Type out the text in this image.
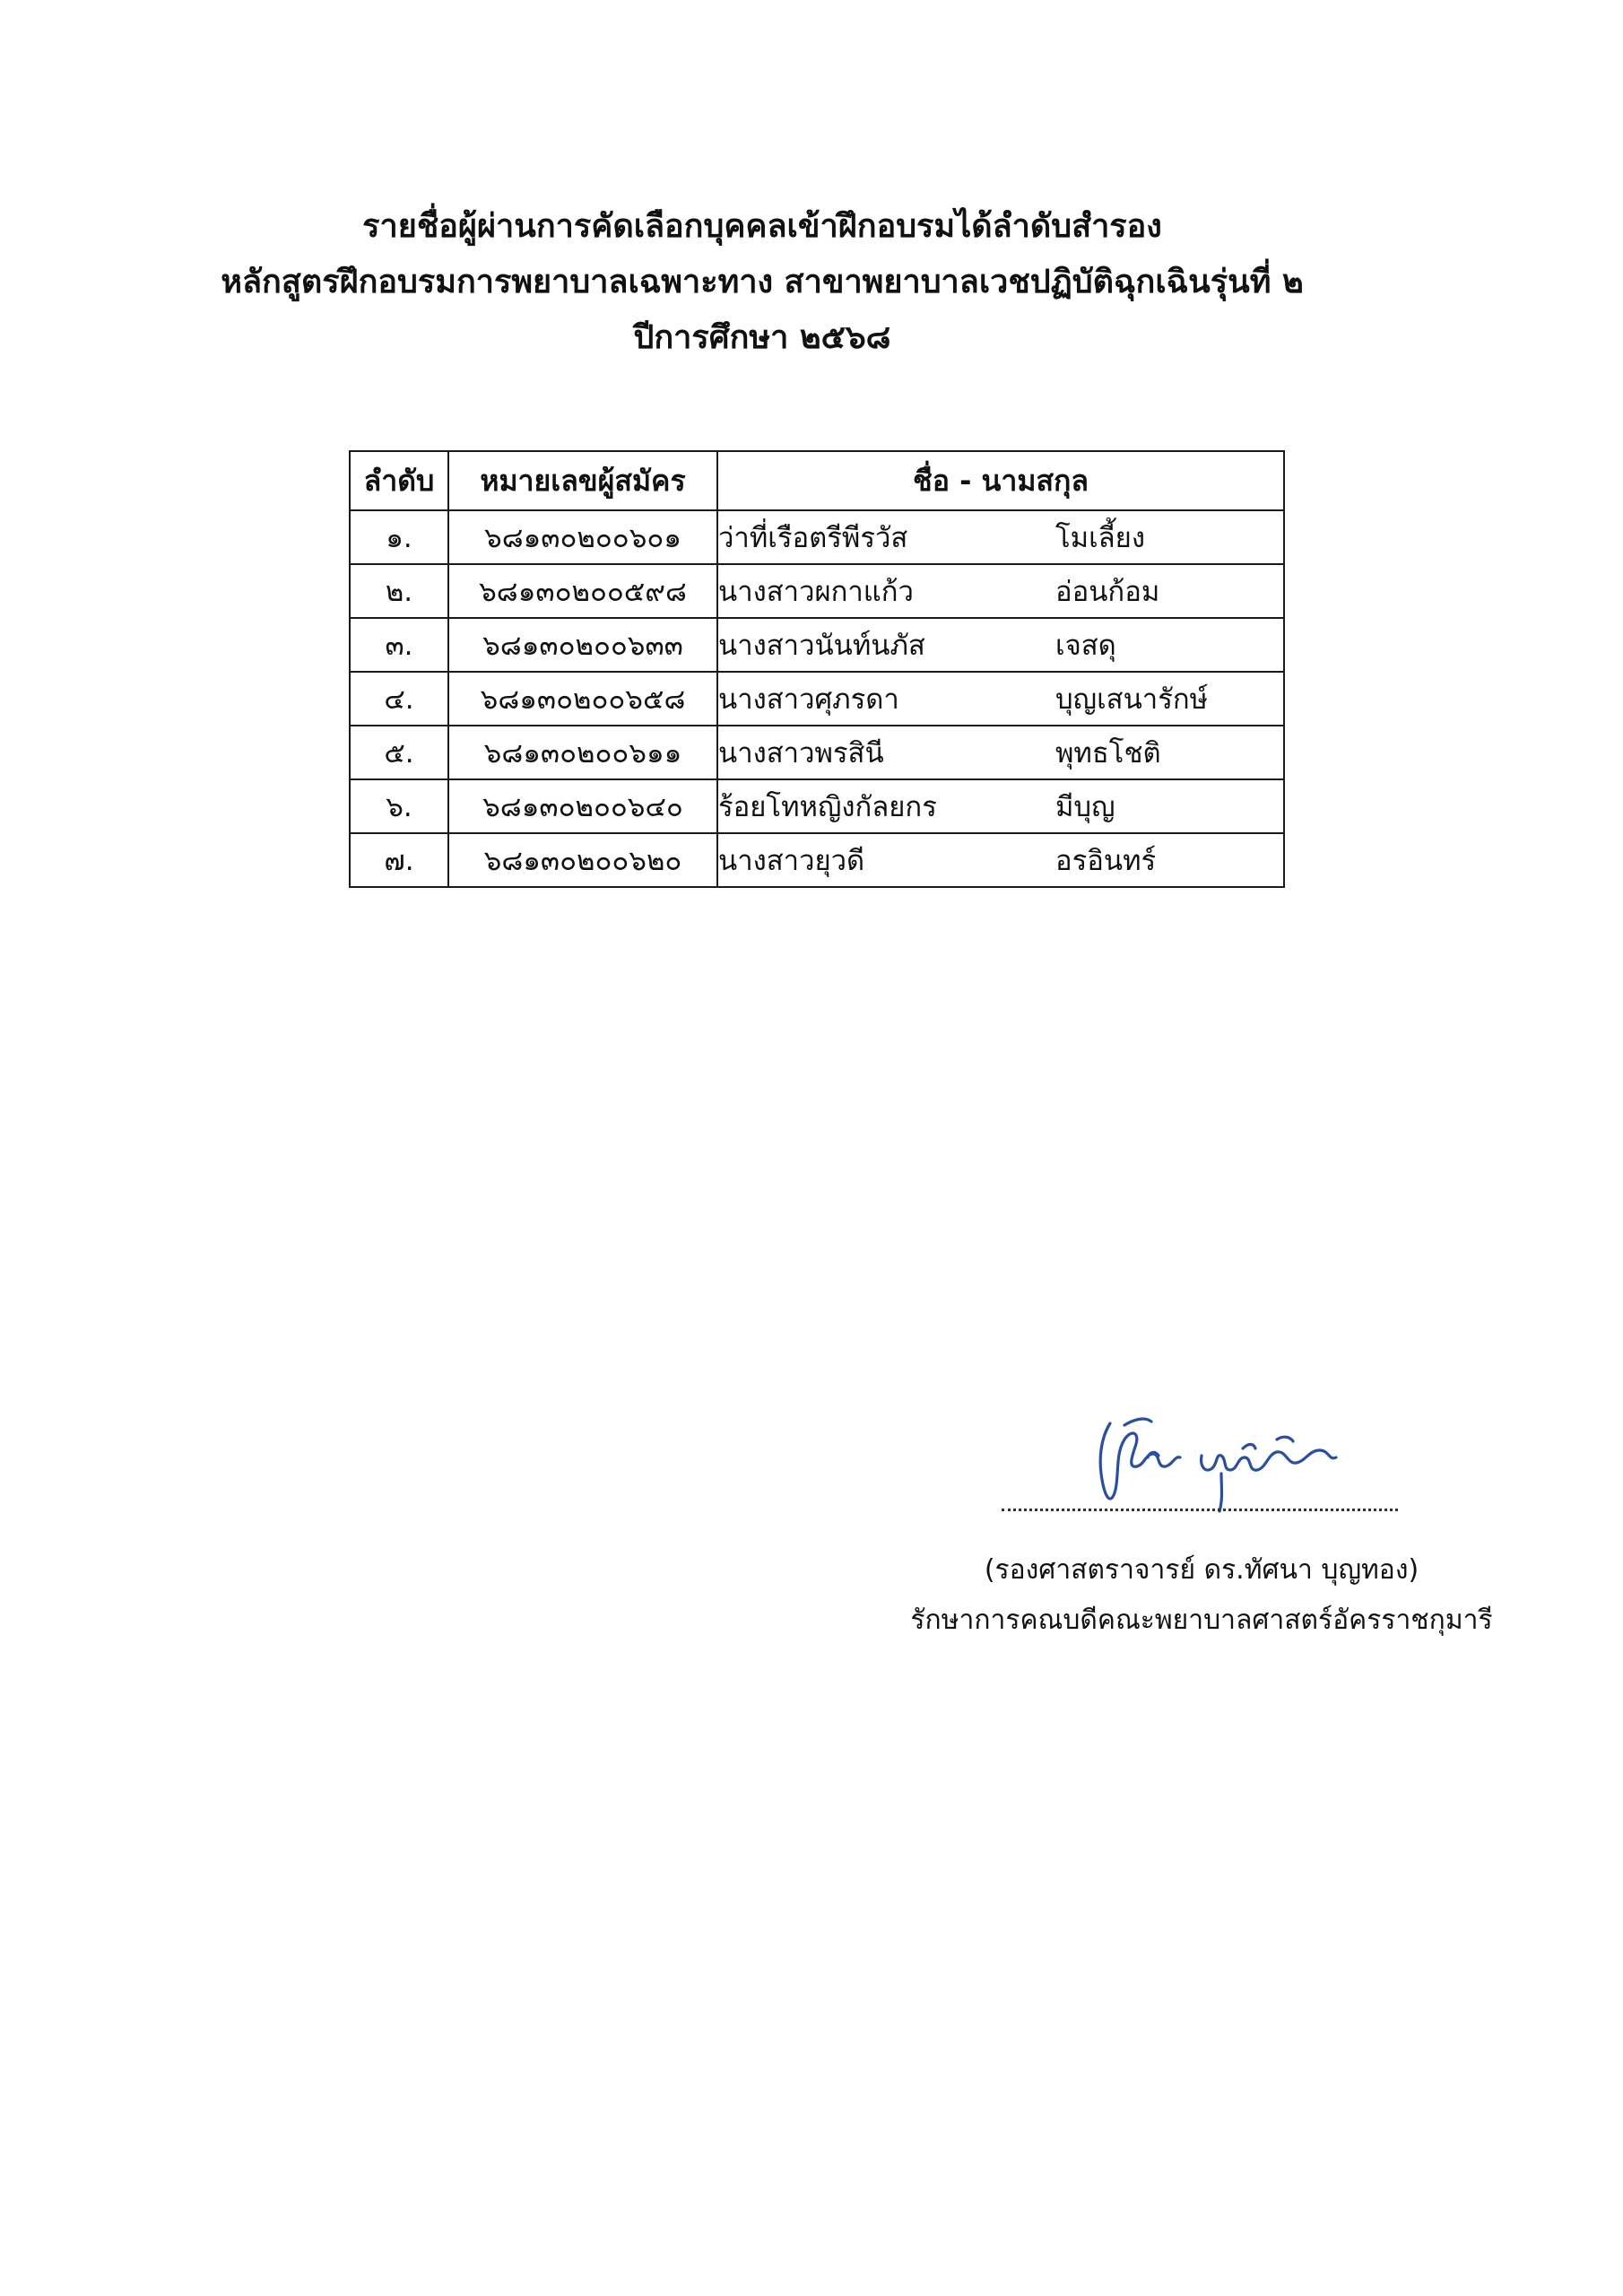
รายชื่อผู้ผ่านการคัดเลือกบุคคลเข้าฝึกอบรมได้ลำดับสำรอง
หลักสูตรฝึกอบรมการพยาบาลเฉพาะทาง สาขาพยาบาลเวชปฏิบัติฉุกเฉินรุ่นที่ ๒
ปีการศึกษา ๒๕๖๘
ลำดับ	หมายเลขผู้สมัคร	ชื่อ - นามสกุล
๑.	๖๘๑๓๐๒๐๐๖๐๑	ว่าที่เรือตรีพีรวัส โมเลี้ยง
๒.	๖๘๑๓๐๒๐๐๕๙๘	นางสาวผกาแก้ว อ่อนก้อม
๓.	๖๘๑๓๐๒๐๐๖๓๓	นางสาวนันท์นภัส เจสดุ
๔.	๖๘๑๓๐๒๐๐๖๕๘	นางสาวศุภรดา บุญเสนารักษ์
๕.	๖๘๑๓๐๒๐๐๖๑๑	นางสาวพรสินี พุทธโชติ
๖.	๖๘๑๓๐๒๐๐๖๔๐	ร้อยโทหญิงกัลยกร มีบุญ
๗.	๖๘๑๓๐๒๐๐๖๒๐	นางสาวยุวดี อรอินทร์
(รองศาสตราจารย์ ดร.ทัศนา บุญทอง)
รักษาการคณบดีคณะพยาบาลศาสตร์อัครราชกุมารี
